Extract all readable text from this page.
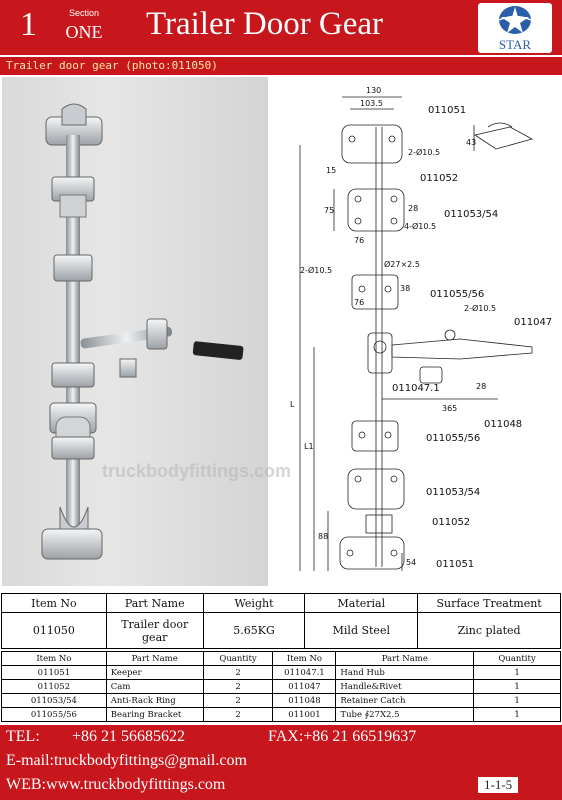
1	Section
ONE Trailer Door Gear
STAR
Trailer door gear (photo:011050)
truckbodyfittings.com
130
103.5
43
15
75	28
76
4-Ø10.5
2-Ø10.5
Ø27×2.5
2-Ø10.5
76
38
2-Ø10.5
28
365
L
L1
88
54
011051
011052
011053/54
011055/56
011047
011047.1
011048
011055/56
011053/54
011052
011051
Item No	Part Name	Weight	Material	Surface Treatment
011050	Trailer door gear	5.65KG	Mild Steel	Zinc plated
Item No	Part Name	Quantity	Item No	Part Name	Quantity
011051	Keeper	2	011047.1	Hand Hub	1
011052	Cam	2	011047	Handle&Rivet	1
011053/54	Anti-Rack Ring	2	011048	Retainer Catch	1
011055/56	Bearing Bracket	2	011001	Tube ∮27X2.5	1
TEL: +86 21 56685622	FAX:+86 21 66519637
E-mail:truckbodyfittings@gmail.com
WEB:www.truckbodyfittings.com	1-1-5
